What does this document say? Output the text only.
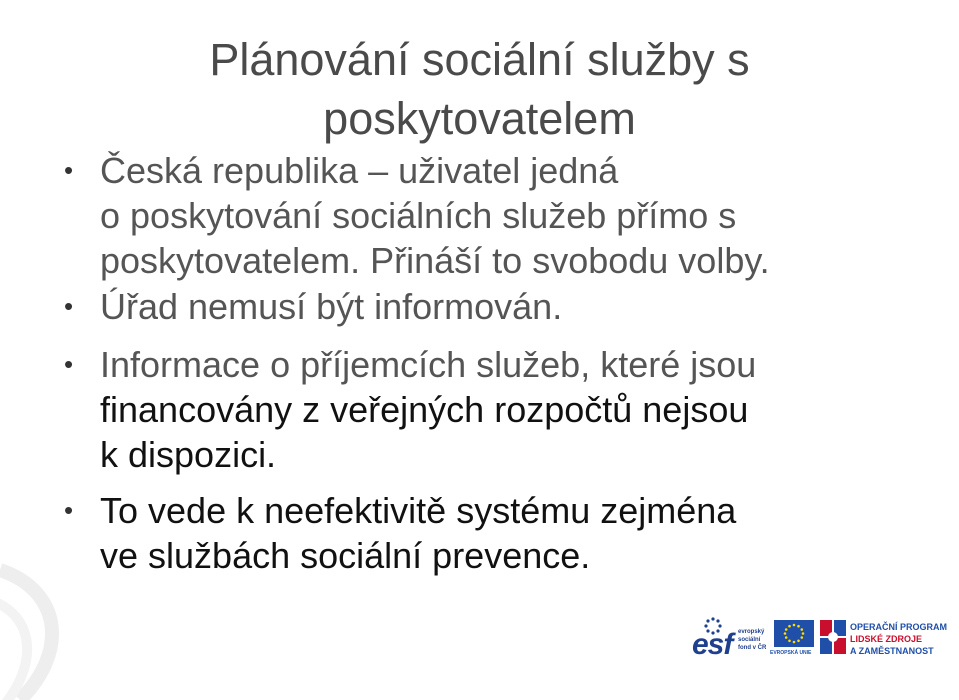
Plánování sociální služby s
poskytovatelem
• Česká republika – uživatel jedná
o poskytování sociálních služeb přímo s
poskytovatelem. Přináší to svobodu volby.
• Úřad nemusí být informován.
• Informace o příjemcích služeb, které jsou
financovány z veřejných rozpočtů nejsou
k dispozici.
• To vede k neefektivitě systému zejména
ve službách sociální prevence.
esf evropský
sociální
fond v ČR
EVROPSKÁ UNIE
OPERAČNÍ PROGRAM
LIDSKÉ ZDROJE
A ZAMĚSTNANOST
